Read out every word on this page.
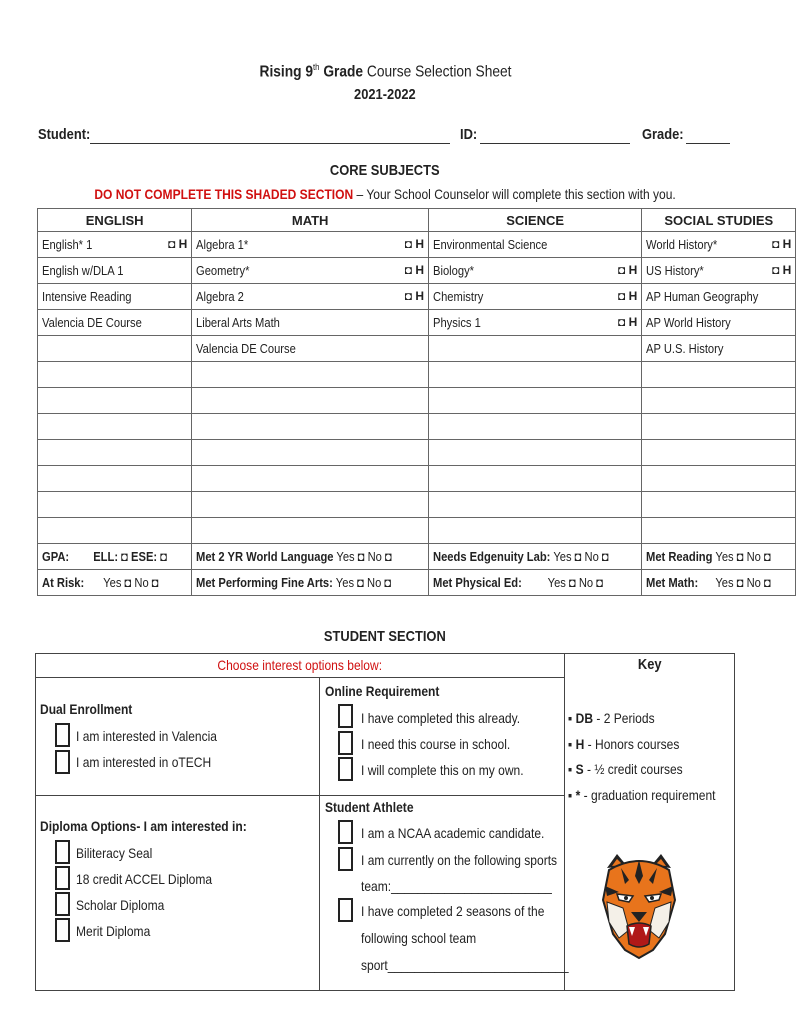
Rising 9th Grade Course Selection Sheet
2021-2022
Student:	ID:	Grade:
CORE SUBJECTS
DO NOT COMPLETE THIS SHADED SECTION – Your School Counselor will complete this section with you.
ENGLISH	MATH	SCIENCE	SOCIAL STUDIES
English* 1 ◘ H	Algebra 1* ◘ H	Environmental Science	World History* ◘ H

English w/DLA 1	Geometry* ◘ H	Biology* ◘ H	US History* ◘ H

Intensive Reading	Algebra 2 ◘ H	Chemistry ◘ H	AP Human Geography
Valencia DE Course	Liberal Arts Math	Physics 1 ◘ H	AP World History
	Valencia DE Course		AP U.S. History

GPA: ELL: ◘ ESE: ◘	Met 2 YR World Language Yes ◘ No ◘	Needs Edgenuity Lab: Yes ◘ No ◘	Met Reading Yes ◘ No ◘
At Risk: Yes ◘ No ◘	Met Performing Fine Arts: Yes ◘ No ◘	Met Physical Ed: Yes ◘ No ◘	Met Math: Yes ◘ No ◘
STUDENT SECTION
Choose interest options below:	Key
Dual Enrollment
I am interested in Valencia
I am interested in oTECH
Online Requirement
I have completed this already.
I need this course in school.
I will complete this on my own.
Diploma Options- I am interested in:
Biliteracy Seal
18 credit ACCEL Diploma
Scholar Diploma
Merit Diploma
Student Athlete
I am a NCAA academic candidate.
I am currently on the following sports
team:________________________
I have completed 2 seasons of the
following school team
sport___________________________
▪ DB - 2 Periods
▪ H - Honors courses
▪ S - ½ credit courses
▪ * - graduation requirement
